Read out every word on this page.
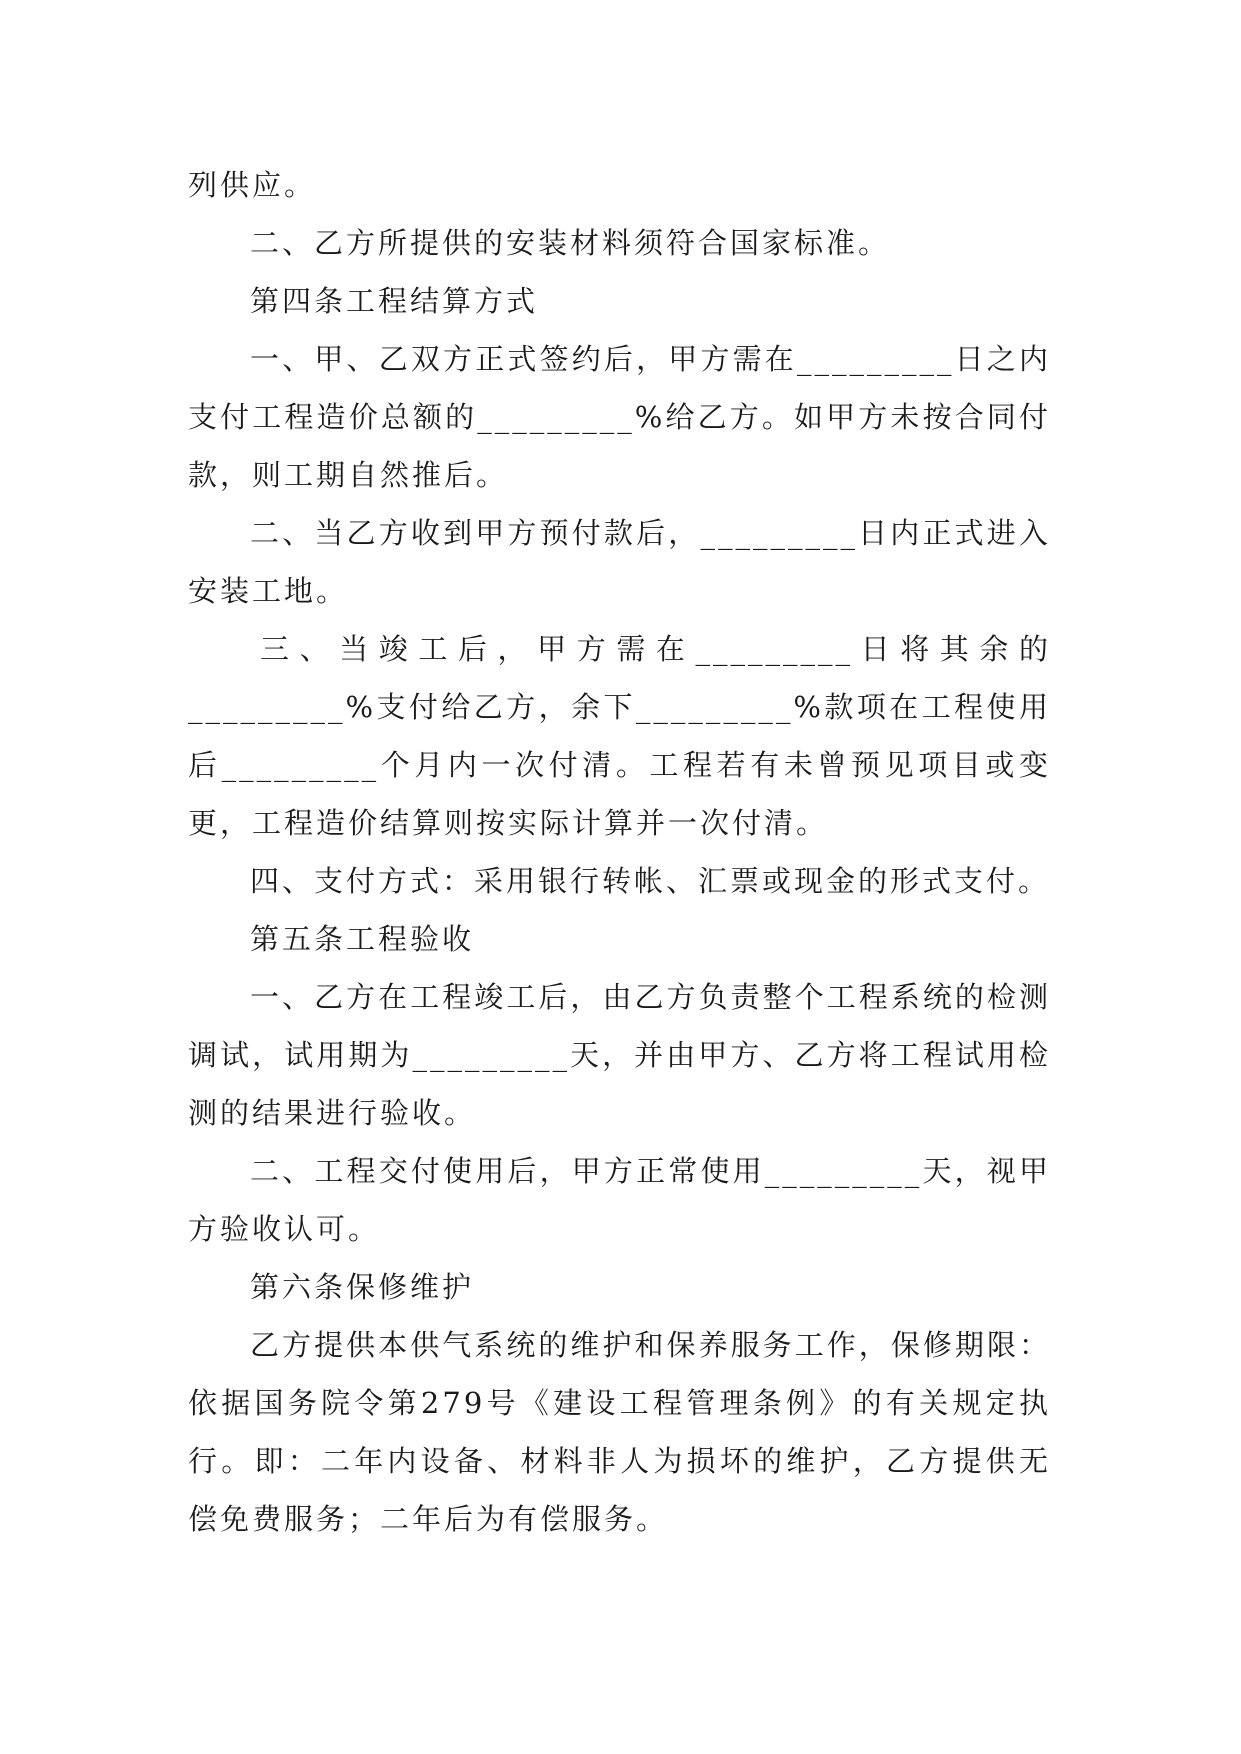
列供应。

二、乙方所提供的安装材料须符合国家标准。

第四条工程结算方式

一、甲、乙双方正式签约后，甲方需在_________日之内支付工程造价总额的_________%给乙方。如甲方未按合同付款，则工期自然推后。

二、当乙方收到甲方预付款后，_________日内正式进入安装工地。

三、当竣工后，甲方需在_________日将其余的_________%支付给乙方，余下_________%款项在工程使用后_________个月内一次付清。工程若有未曾预见项目或变更，工程造价结算则按实际计算并一次付清。

四、支付方式：采用银行转帐、汇票或现金的形式支付。

第五条工程验收

一、乙方在工程竣工后，由乙方负责整个工程系统的检测调试，试用期为_________天，并由甲方、乙方将工程试用检测的结果进行验收。

二、工程交付使用后，甲方正常使用_________天，视甲方验收认可。

第六条保修维护

乙方提供本供气系统的维护和保养服务工作，保修期限：依据国务院令第279号《建设工程管理条例》的有关规定执行。即：二年内设备、材料非人为损坏的维护，乙方提供无偿免费服务；二年后为有偿服务。
